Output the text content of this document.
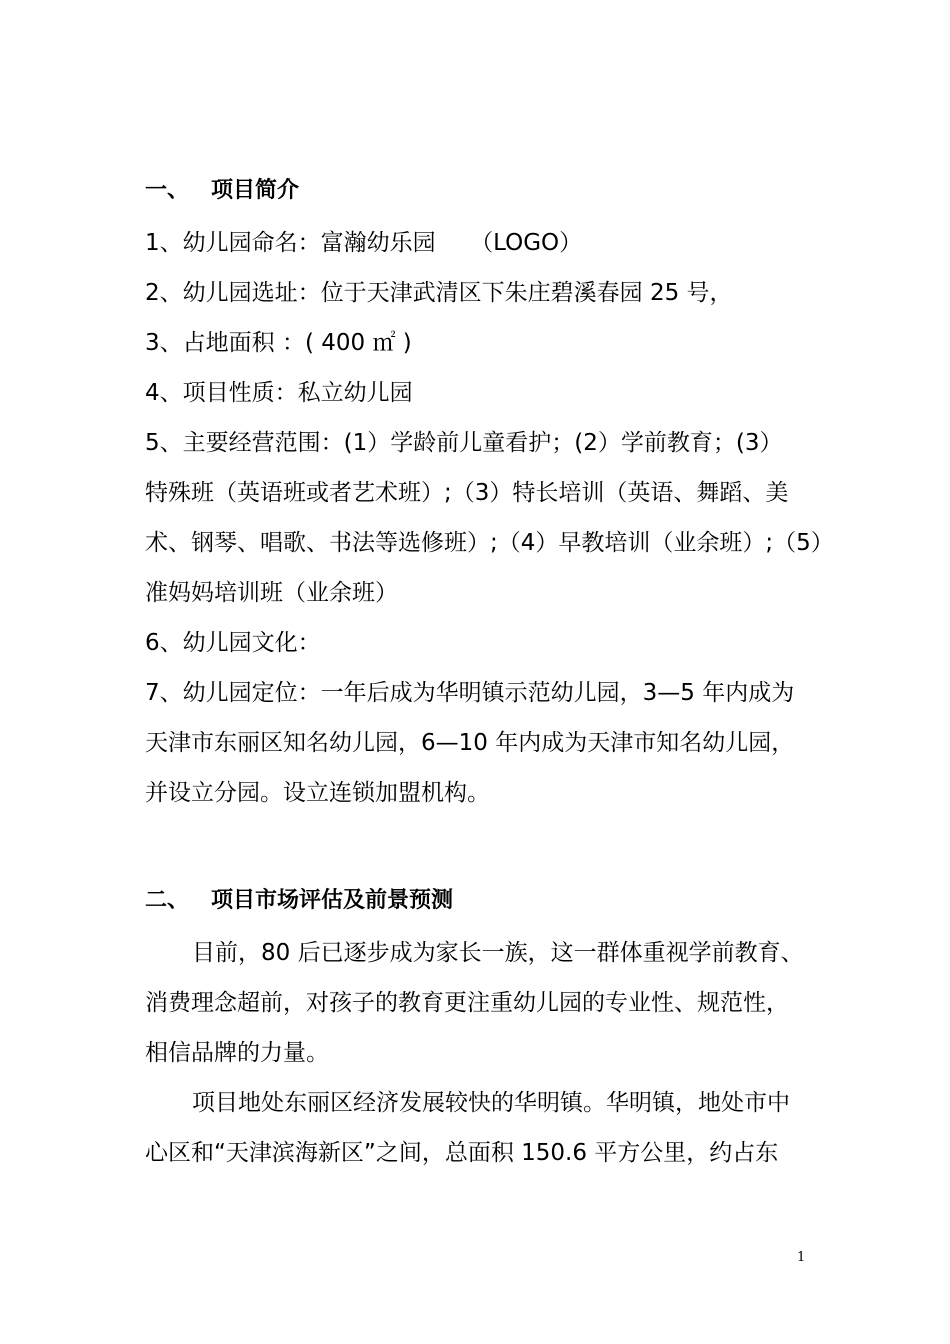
一、 项目简介
1、幼儿园命名：富瀚幼乐园　　（LOGO）
2、幼儿园选址：位于天津武清区下朱庄碧溪春园 25 号，
3、占地面积 ：( 400 ㎡ )
4、项目性质：私立幼儿园
5、主要经营范围：(1）学龄前儿童看护；(2）学前教育；(3）
特殊班（英语班或者艺术班）;（3）特长培训（英语、舞蹈、美
术、钢琴、唱歌、书法等选修班）;（4）早教培训（业余班）;（5）
准妈妈培训班（业余班）
6、幼儿园文化：
7、幼儿园定位：一年后成为华明镇示范幼儿园，3—5 年内成为
天津市东丽区知名幼儿园，6—10 年内成为天津市知名幼儿园，
并设立分园。设立连锁加盟机构。
二、 项目市场评估及前景预测
目前，80 后已逐步成为家长一族，这一群体重视学前教育、
消费理念超前，对孩子的教育更注重幼儿园的专业性、规范性，
相信品牌的力量。
项目地处东丽区经济发展较快的华明镇。华明镇，地处市中
心区和“天津滨海新区”之间，总面积 150.6 平方公里，约占东
1
